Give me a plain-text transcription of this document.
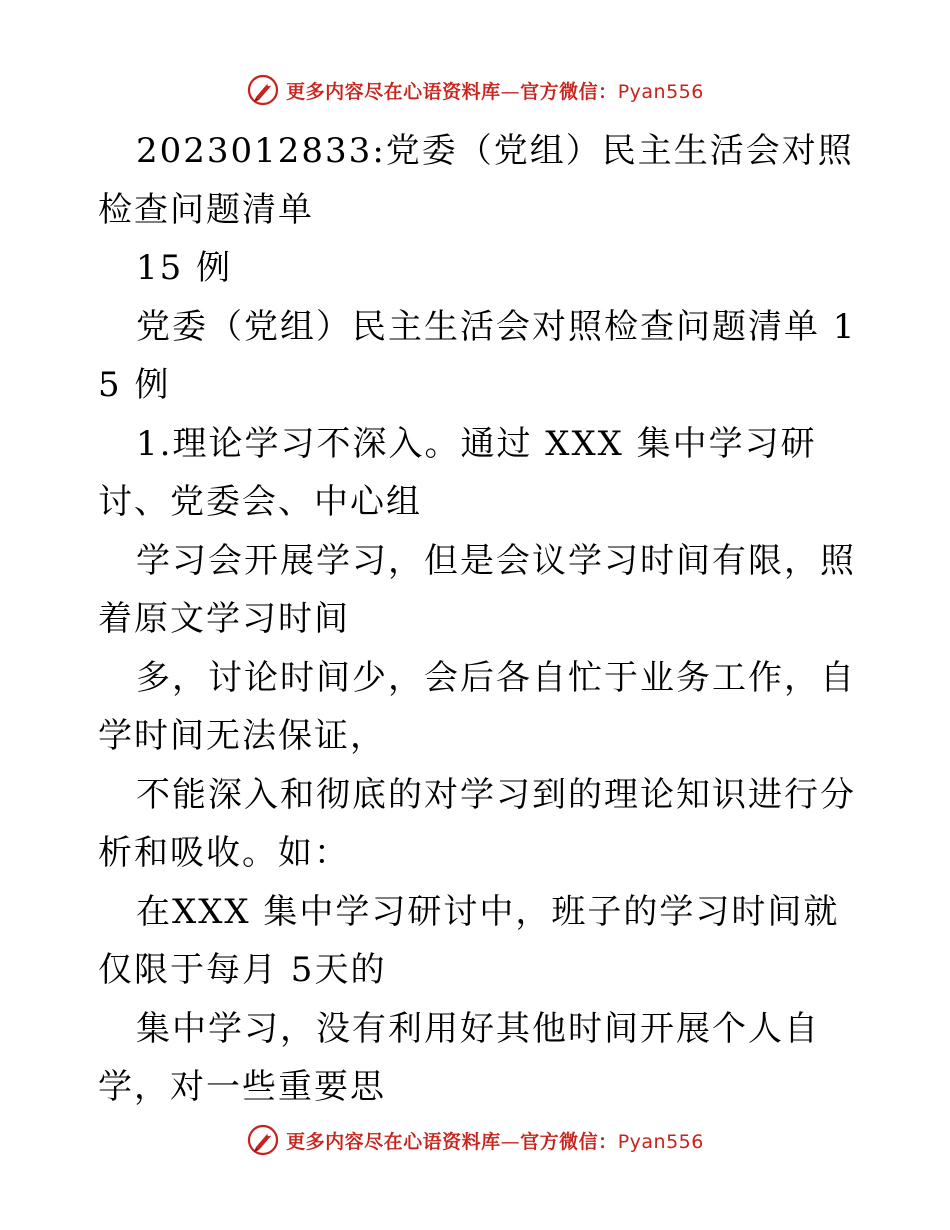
更多内容尽在心语资料库—官方微信：Pyan556

2023012833:党委（党组）民主生活会对照检查问题清单

15 例

党委（党组）民主生活会对照检查问题清单 15 例

1.理论学习不深入。通过 XXX 集中学习研讨、党委会、中心组

学习会开展学习，但是会议学习时间有限，照着原文学习时间

多，讨论时间少，会后各自忙于业务工作，自学时间无法保证，

不能深入和彻底的对学习到的理论知识进行分析和吸收。如：

在XXX 集中学习研讨中，班子的学习时间就仅限于每月 5天的

集中学习，没有利用好其他时间开展个人自学，对一些重要思

更多内容尽在心语资料库—官方微信：Pyan556
